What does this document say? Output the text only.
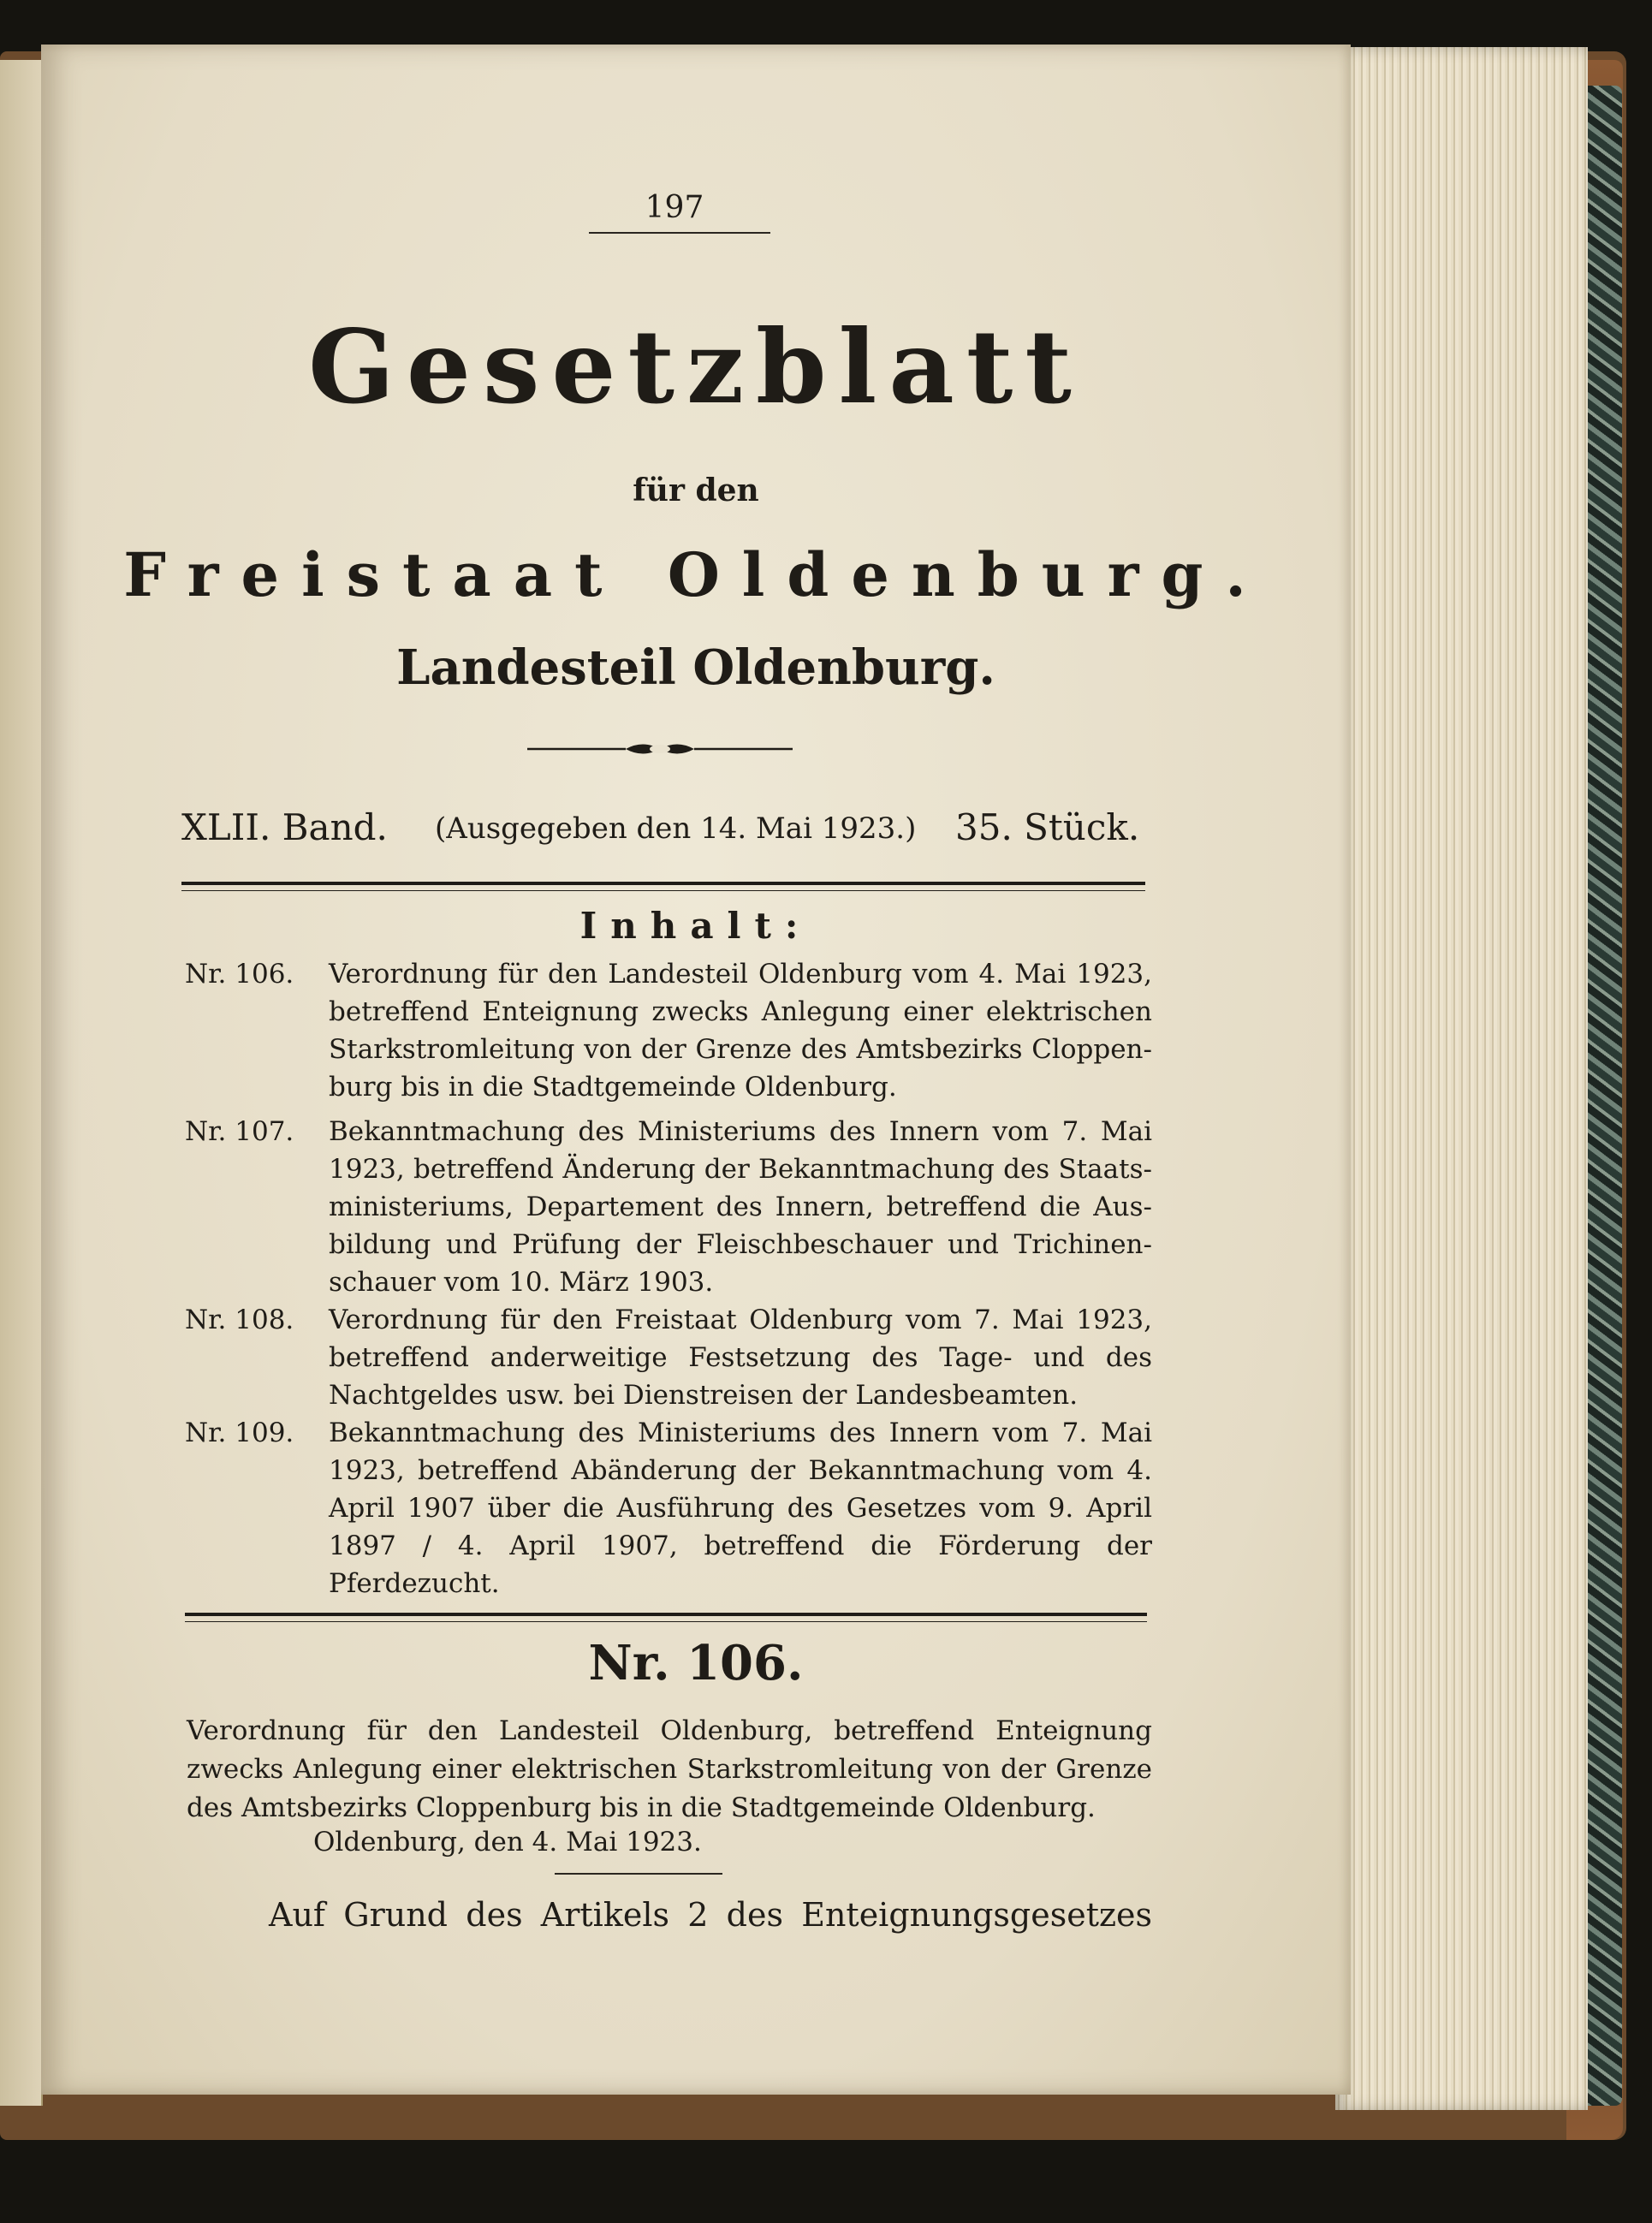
197
Gesetzblatt
für den
Freistaat Oldenburg.
Landesteil Oldenburg.
XLII. Band. (Ausgegeben den 14. Mai 1923.) 35. Stück.
Inhalt:
Nr. 106.	Verordnung für den Landesteil Oldenburg vom 4. Mai 1923, betreffend Enteignung zwecks Anlegung einer elektrischen Starkstromleitung von der Grenze des Amtsbezirks Cloppenburg bis in die Stadtgemeinde Oldenburg.
Nr. 107.	Bekanntmachung des Ministeriums des Innern vom 7. Mai 1923, betreffend Änderung der Bekanntmachung des Staatsministeriums, Departement des Innern, betreffend die Ausbildung und Prüfung der Fleischbeschauer und Trichinenschauer vom 10. März 1903.
Nr. 108.	Verordnung für den Freistaat Oldenburg vom 7. Mai 1923, betreffend anderweitige Festsetzung des Tage- und des Nachtgeldes usw. bei Dienstreisen der Landesbeamten.
Nr. 109.	Bekanntmachung des Ministeriums des Innern vom 7. Mai 1923, betreffend Abänderung der Bekanntmachung vom 4. April 1907 über die Ausführung des Gesetzes vom 9. April 1897 / 4. April 1907, betreffend die Förderung der Pferdezucht.
Nr. 106.
Verordnung für den Landesteil Oldenburg, betreffend Enteignung zwecks Anlegung einer elektrischen Starkstromleitung von der Grenze des Amtsbezirks Cloppenburg bis in die Stadtgemeinde Oldenburg.
Oldenburg, den 4. Mai 1923.
Auf Grund des Artikels 2 des Enteignungsgesetzes
